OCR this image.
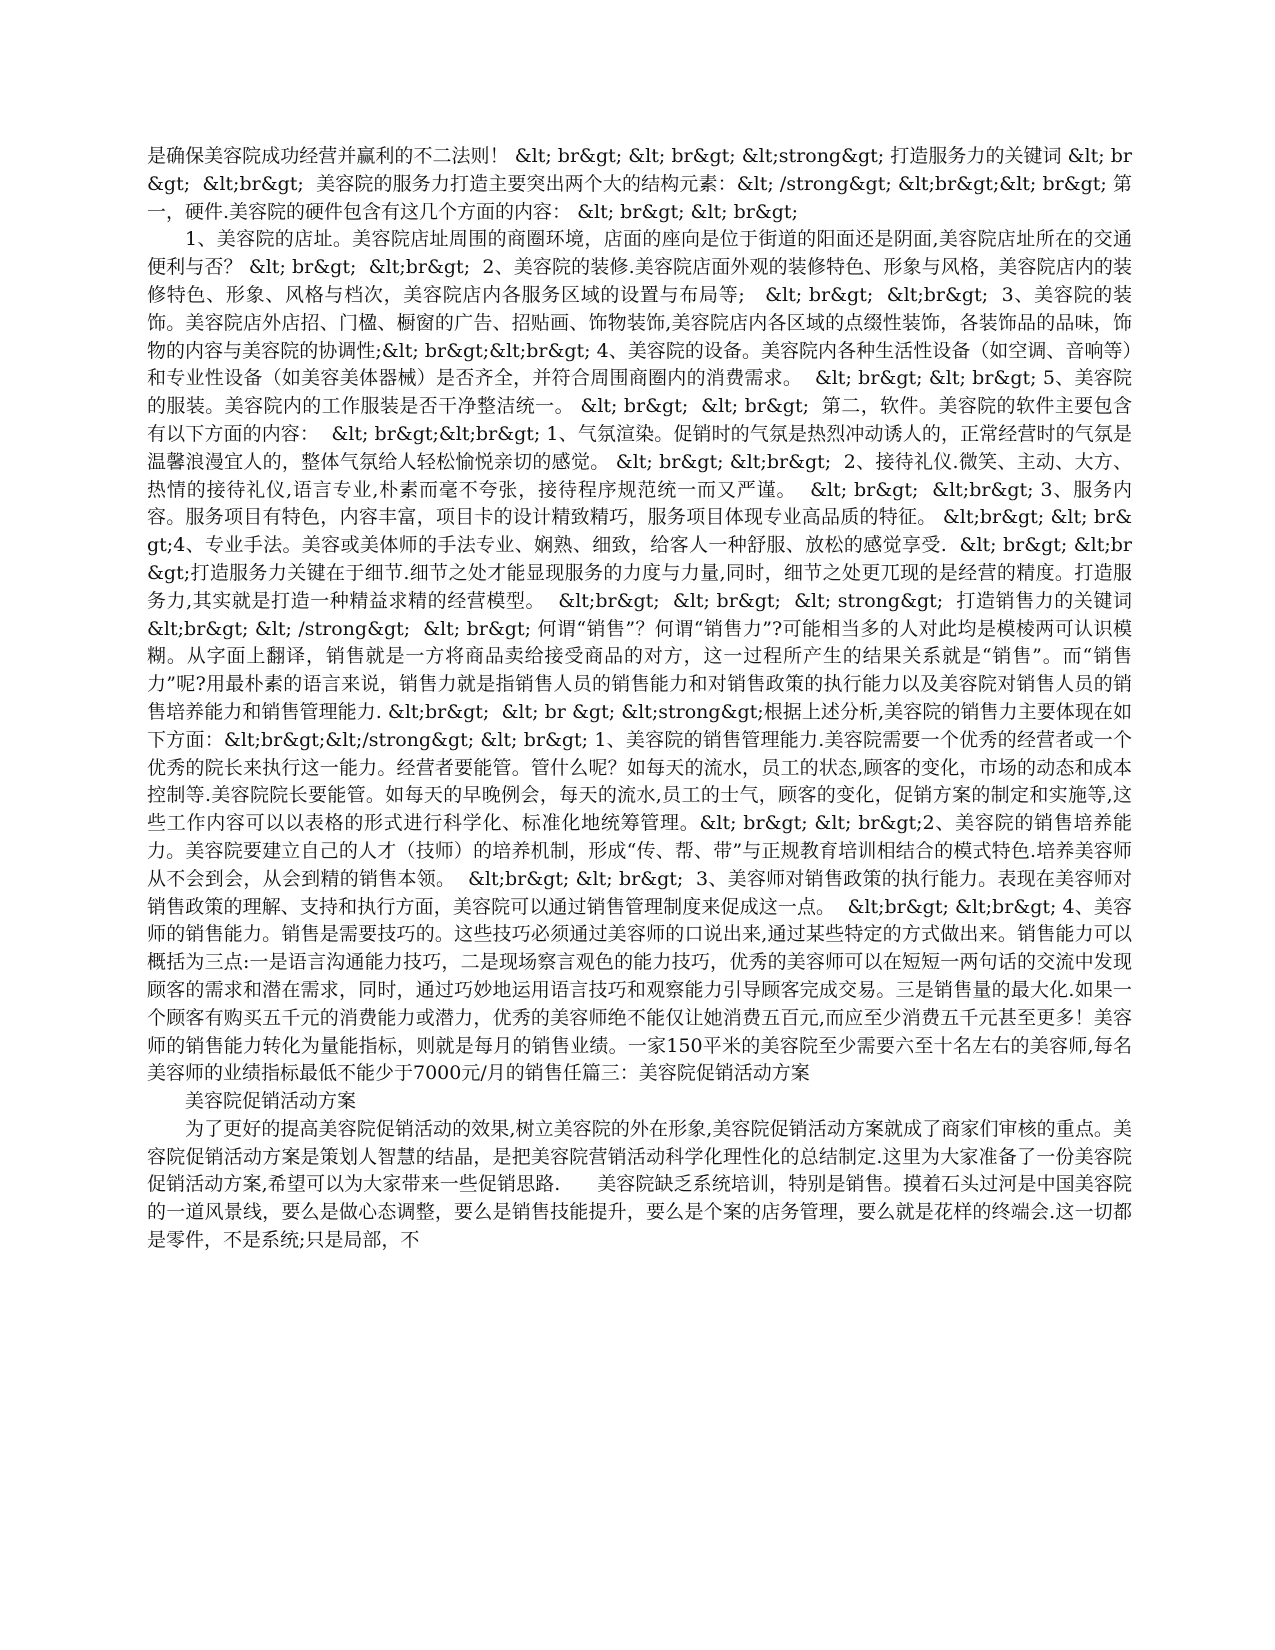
是确保美容院成功经营并赢利的不二法则！ &lt; br&gt; &lt; br&gt; &lt;strong&gt; 打造服务力的关键词 &lt; br&gt;  &lt;br&gt;  美容院的服务力打造主要突出两个大的结构元素：&lt; /strong&gt; &lt;br&gt;&lt; br&gt; 第一，硬件.美容院的硬件包含有这几个方面的内容： &lt; br&gt; &lt; br&gt;

1、美容院的店址。美容院店址周围的商圈环境，店面的座向是位于街道的阳面还是阴面,美容院店址所在的交通便利与否？ &lt; br&gt;  &lt;br&gt;  2、美容院的装修.美容院店面外观的装修特色、形象与风格，美容院店内的装修特色、形象、风格与档次，美容院店内各服务区域的设置与布局等;   &lt; br&gt;  &lt;br&gt;  3、美容院的装饰。美容院店外店招、门楹、橱窗的广告、招贴画、饰物装饰,美容院店内各区域的点缀性装饰，各装饰品的品味，饰物的内容与美容院的协调性;&lt; br&gt;&lt;br&gt; 4、美容院的设备。美容院内各种生活性设备（如空调、音响等）和专业性设备（如美容美体器械）是否齐全，并符合周围商圈内的消费需求。  &lt; br&gt; &lt; br&gt; 5、美容院的服装。美容院内的工作服装是否干净整洁统一。 &lt; br&gt;  &lt; br&gt;  第二，软件。美容院的软件主要包含有以下方面的内容：  &lt; br&gt;&lt;br&gt; 1、气氛渲染。促销时的气氛是热烈冲动诱人的，正常经营时的气氛是温馨浪漫宜人的，整体气氛给人轻松愉悦亲切的感觉。 &lt; br&gt; &lt;br&gt;  2、接待礼仪.微笑、主动、大方、热情的接待礼仪,语言专业,朴素而毫不夸张，接待程序规范统一而又严谨。  &lt; br&gt;  &lt;br&gt; 3、服务内容。服务项目有特色，内容丰富，项目卡的设计精致精巧，服务项目体现专业高品质的特征。 &lt;br&gt; &lt; br&gt;4、专业手法。美容或美体师的手法专业、娴熟、细致，给客人一种舒服、放松的感觉享受.  &lt; br&gt; &lt;br&gt;打造服务力关键在于细节.细节之处才能显现服务的力度与力量,同时，细节之处更兀现的是经营的精度。打造服务力,其实就是打造一种精益求精的经营模型。  &lt;br&gt;  &lt; br&gt;  &lt; strong&gt;  打造销售力的关键词 &lt;br&gt; &lt; /strong&gt;  &lt; br&gt; 何谓“销售”？何谓“销售力”?可能相当多的人对此均是模棱两可认识模糊。从字面上翻译，销售就是一方将商品卖给接受商品的对方，这一过程所产生的结果关系就是“销售”。而“销售力”呢?用最朴素的语言来说，销售力就是指销售人员的销售能力和对销售政策的执行能力以及美容院对销售人员的销售培养能力和销售管理能力. &lt;br&gt;  &lt; br &gt; &lt;strong&gt;根据上述分析,美容院的销售力主要体现在如下方面：&lt;br&gt;&lt;/strong&gt; &lt; br&gt; 1、美容院的销售管理能力.美容院需要一个优秀的经营者或一个优秀的院长来执行这一能力。经营者要能管。管什么呢？如每天的流水，员工的状态,顾客的变化，市场的动态和成本控制等.美容院院长要能管。如每天的早晚例会，每天的流水,员工的士气，顾客的变化，促销方案的制定和实施等,这些工作内容可以以表格的形式进行科学化、标准化地统筹管理。&lt; br&gt; &lt; br&gt;2、美容院的销售培养能力。美容院要建立自己的人才（技师）的培养机制，形成“传、帮、带”与正规教育培训相结合的模式特色.培养美容师从不会到会，从会到精的销售本领。  &lt;br&gt; &lt; br&gt;  3、美容师对销售政策的执行能力。表现在美容师对销售政策的理解、支持和执行方面，美容院可以通过销售管理制度来促成这一点。  &lt;br&gt; &lt;br&gt; 4、美容师的销售能力。销售是需要技巧的。这些技巧必须通过美容师的口说出来,通过某些特定的方式做出来。销售能力可以概括为三点:一是语言沟通能力技巧，二是现场察言观色的能力技巧，优秀的美容师可以在短短一两句话的交流中发现顾客的需求和潜在需求，同时，通过巧妙地运用语言技巧和观察能力引导顾客完成交易。三是销售量的最大化.如果一个顾客有购买五千元的消费能力或潜力，优秀的美容师绝不能仅让她消费五百元,而应至少消费五千元甚至更多！美容师的销售能力转化为量能指标，则就是每月的销售业绩。一家150平米的美容院至少需要六至十名左右的美容师,每名美容师的业绩指标最低不能少于7000元/月的销售任篇三：美容院促销活动方案

美容院促销活动方案

为了更好的提高美容院促销活动的效果,树立美容院的外在形象,美容院促销活动方案就成了商家们审核的重点。美容院促销活动方案是策划人智慧的结晶，是把美容院营销活动科学化理性化的总结制定.这里为大家准备了一份美容院促销活动方案,希望可以为大家带来一些促销思路.      美容院缺乏系统培训，特别是销售。摸着石头过河是中国美容院的一道风景线，要么是做心态调整，要么是销售技能提升，要么是个案的店务管理，要么就是花样的终端会.这一切都是零件，不是系统;只是局部，不
